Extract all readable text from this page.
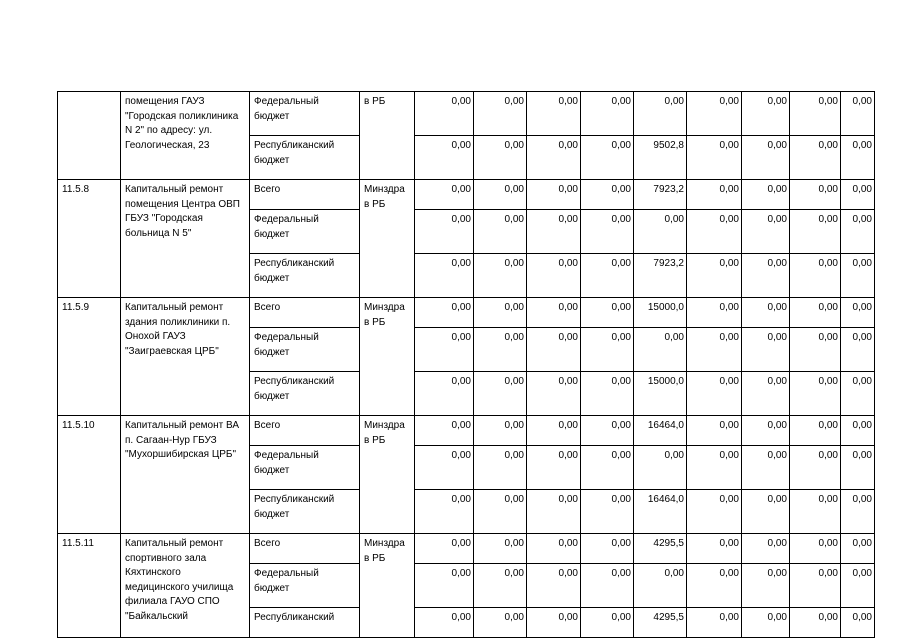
	помещения ГАУЗ "Городская поликлиника N 2" по адресу: ул. Геологическая, 23	Федеральный бюджет	в РБ	0,00	0,00	0,00	0,00	0,00	0,00	0,00	0,00	0,00
		Республиканский бюджет		0,00	0,00	0,00	0,00	9502,8	0,00	0,00	0,00	0,00
11.5.8	Капитальный ремонт помещения Центра ОВП ГБУЗ "Городская больница N 5"	Всего	Минздра в РБ	0,00	0,00	0,00	0,00	7923,2	0,00	0,00	0,00	0,00
		Федеральный бюджет		0,00	0,00	0,00	0,00	0,00	0,00	0,00	0,00	0,00
		Республиканский бюджет		0,00	0,00	0,00	0,00	7923,2	0,00	0,00	0,00	0,00
11.5.9	Капитальный ремонт здания поликлиники п. Онохой ГАУЗ "Заиграевская ЦРБ"	Всего	Минздра в РБ	0,00	0,00	0,00	0,00	15000,0	0,00	0,00	0,00	0,00
		Федеральный бюджет		0,00	0,00	0,00	0,00	0,00	0,00	0,00	0,00	0,00
		Республиканский бюджет		0,00	0,00	0,00	0,00	15000,0	0,00	0,00	0,00	0,00
11.5.10	Капитальный ремонт ВА п. Сагаан-Нур ГБУЗ "Мухоршибирская ЦРБ"	Всего	Минздра в РБ	0,00	0,00	0,00	0,00	16464,0	0,00	0,00	0,00	0,00
		Федеральный бюджет		0,00	0,00	0,00	0,00	0,00	0,00	0,00	0,00	0,00
		Республиканский бюджет		0,00	0,00	0,00	0,00	16464,0	0,00	0,00	0,00	0,00
11.5.11	Капитальный ремонт спортивного зала Кяхтинского медицинского училища филиала ГАУО СПО "Байкальский	Всего	Минздра в РБ	0,00	0,00	0,00	0,00	4295,5	0,00	0,00	0,00	0,00
		Федеральный бюджет		0,00	0,00	0,00	0,00	0,00	0,00	0,00	0,00	0,00
		Республиканский		0,00	0,00	0,00	0,00	4295,5	0,00	0,00	0,00	0,00
